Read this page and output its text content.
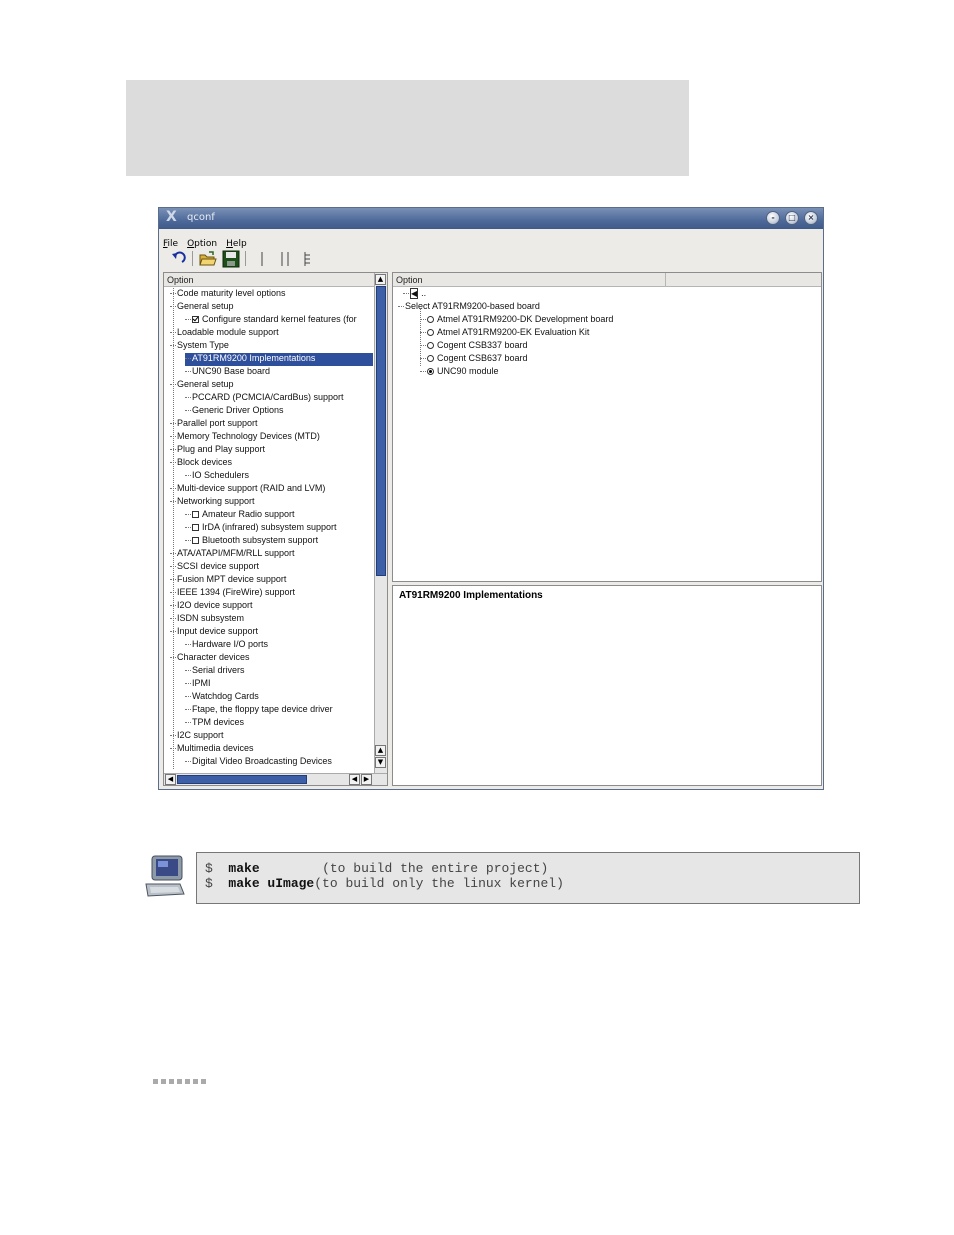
X qconf	-	□	×
File Option Help
Option
Code maturity level options
General setup
Configure standard kernel features (for
Loadable module support
System Type
AT91RM9200 Implementations
UNC90 Base board
General setup
PCCARD (PCMCIA/CardBus) support
Generic Driver Options
Parallel port support
Memory Technology Devices (MTD)
Plug and Play support
Block devices
IO Schedulers
Multi-device support (RAID and LVM)
Networking support
Amateur Radio support
IrDA (infrared) subsystem support
Bluetooth subsystem support
ATA/ATAPI/MFM/RLL support
SCSI device support
Fusion MPT device support
IEEE 1394 (FireWire) support
I2O device support
ISDN subsystem
Input device support
Hardware I/O ports
Character devices
Serial drivers
IPMI
Watchdog Cards
Ftape, the floppy tape device driver
TPM devices
I2C support
Multimedia devices
Digital Video Broadcasting Devices
▲
▲
▼
◀	◀ ▶
Option
◀ ..
Select AT91RM9200-based board
Atmel AT91RM9200-DK Development board
Atmel AT91RM9200-EK Evaluation Kit
Cogent CSB337 board
Cogent CSB637 board
UNC90 module
AT91RM9200 Implementations
$ make	(to build the entire project)
$ make uImage(to build only the linux kernel)
